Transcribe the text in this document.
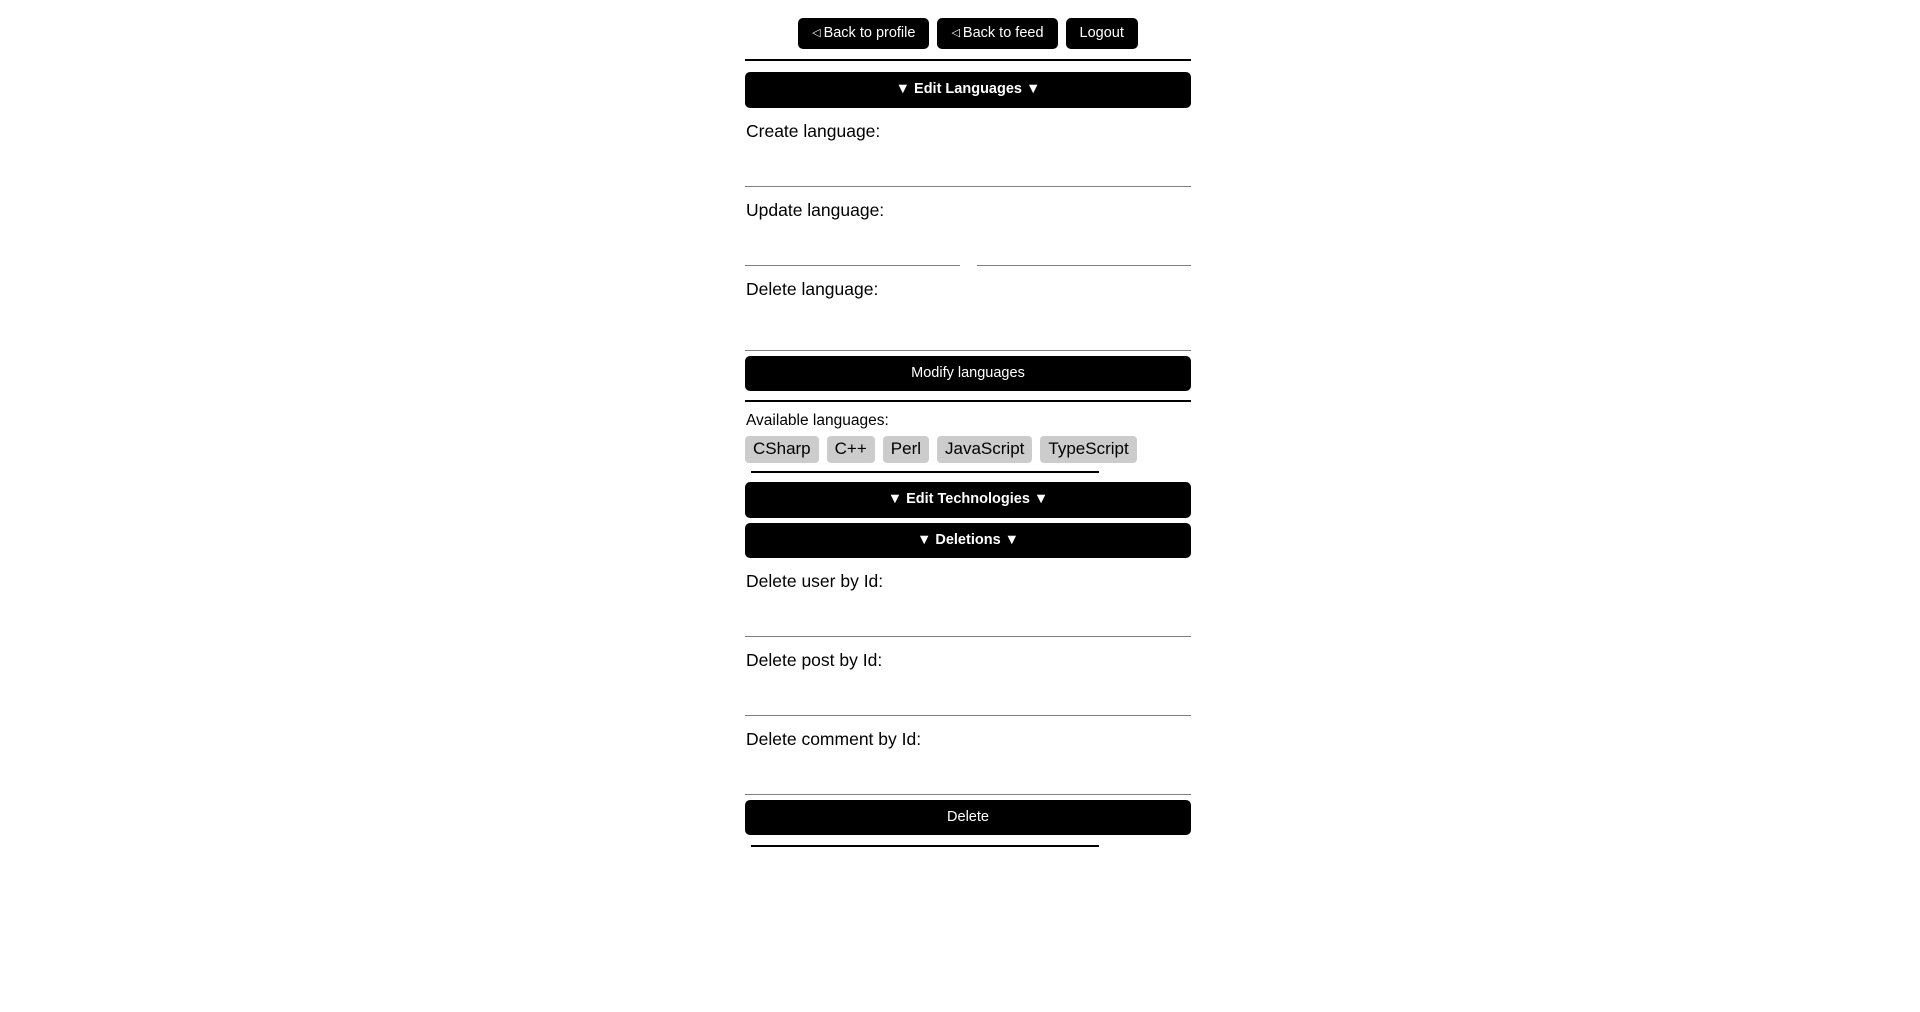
◁ Back to profile	◁ Back to feed	Logout
▼ Edit Languages ▼
Create language:
Update language:
Delete language:
Modify languages
Available languages:
CSharp	C++	Perl	JavaScript	TypeScript
▼ Edit Technologies ▼
▼ Deletions ▼
Delete user by Id:
Delete post by Id:
Delete comment by Id:
Delete
